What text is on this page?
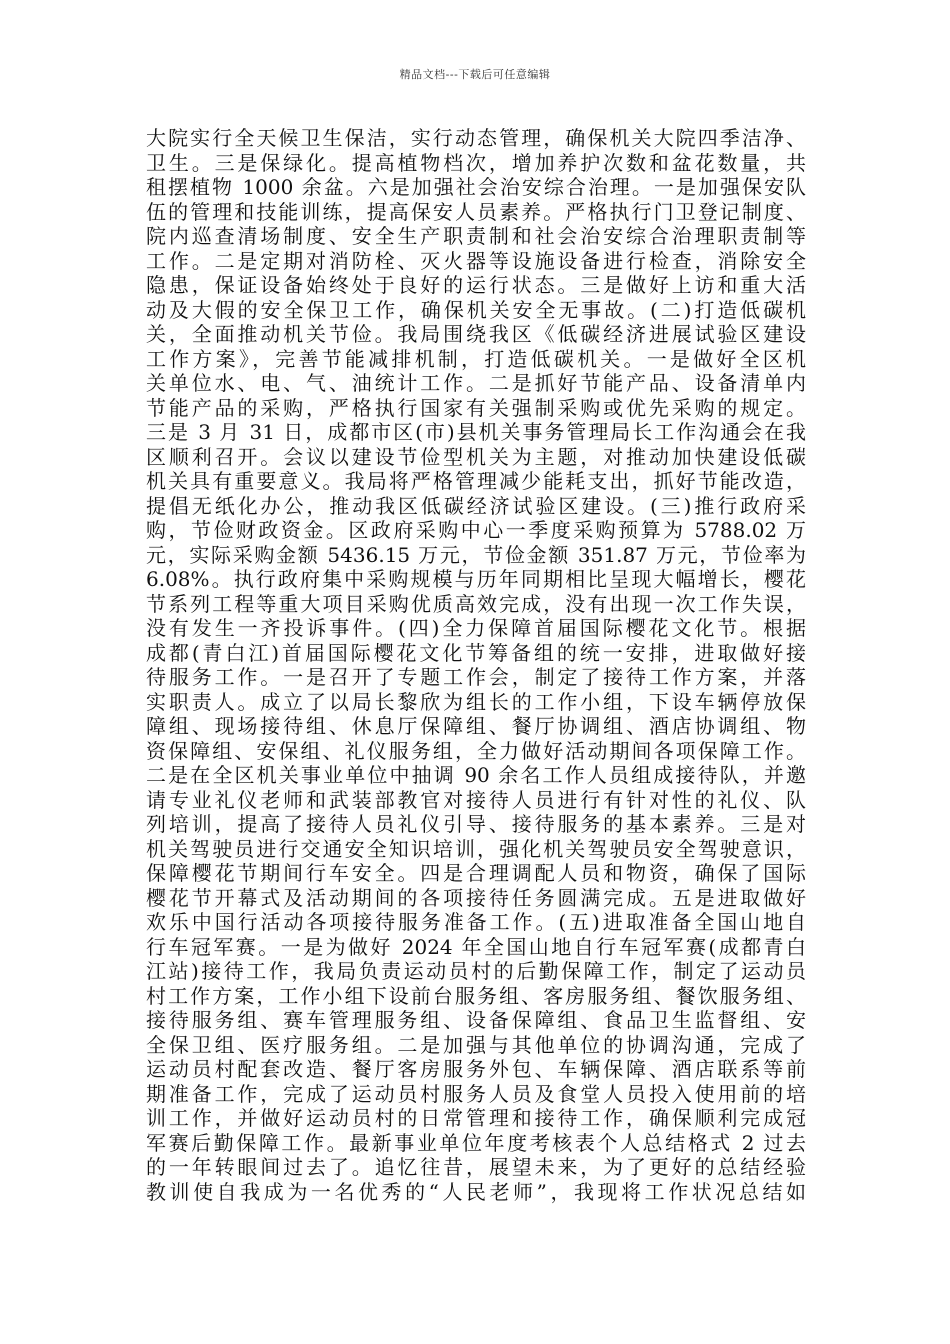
精品文档---下载后可任意编辑
大院实行全天候卫生保洁，实行动态管理，确保机关大院四季洁净、
卫生。三是保绿化。提高植物档次，增加养护次数和盆花数量，共
租摆植物 1000 余盆。六是加强社会治安综合治理。一是加强保安队
伍的管理和技能训练，提高保安人员素养。严格执行门卫登记制度、
院内巡查清场制度、安全生产职责制和社会治安综合治理职责制等
工作。二是定期对消防栓、灭火器等设施设备进行检查，消除安全
隐患，保证设备始终处于良好的运行状态。三是做好上访和重大活
动及大假的安全保卫工作，确保机关安全无事故。(二)打造低碳机
关，全面推动机关节俭。我局围绕我区《低碳经济进展试验区建设
工作方案》，完善节能减排机制，打造低碳机关。一是做好全区机
关单位水、电、气、油统计工作。二是抓好节能产品、设备清单内
节能产品的采购，严格执行国家有关强制采购或优先采购的规定。
三是 3 月 31 日，成都市区(市)县机关事务管理局长工作沟通会在我
区顺利召开。会议以建设节俭型机关为主题，对推动加快建设低碳
机关具有重要意义。我局将严格管理减少能耗支出，抓好节能改造，
提倡无纸化办公，推动我区低碳经济试验区建设。(三)推行政府采
购，节俭财政资金。区政府采购中心一季度采购预算为 5788.02 万
元，实际采购金额 5436.15 万元，节俭金额 351.87 万元，节俭率为
6.08%。执行政府集中采购规模与历年同期相比呈现大幅增长，樱花
节系列工程等重大项目采购优质高效完成，没有出现一次工作失误，
没有发生一齐投诉事件。(四)全力保障首届国际樱花文化节。根据
成都(青白江)首届国际樱花文化节筹备组的统一安排，进取做好接
待服务工作。一是召开了专题工作会，制定了接待工作方案，并落
实职责人。成立了以局长黎欣为组长的工作小组，下设车辆停放保
障组、现场接待组、休息厅保障组、餐厅协调组、酒店协调组、物
资保障组、安保组、礼仪服务组，全力做好活动期间各项保障工作。
二是在全区机关事业单位中抽调 90 余名工作人员组成接待队，并邀
请专业礼仪老师和武装部教官对接待人员进行有针对性的礼仪、队
列培训，提高了接待人员礼仪引导、接待服务的基本素养。三是对
机关驾驶员进行交通安全知识培训，强化机关驾驶员安全驾驶意识，
保障樱花节期间行车安全。四是合理调配人员和物资，确保了国际
樱花节开幕式及活动期间的各项接待任务圆满完成。五是进取做好
欢乐中国行活动各项接待服务准备工作。(五)进取准备全国山地自
行车冠军赛。一是为做好 2024 年全国山地自行车冠军赛(成都青白
江站)接待工作，我局负责运动员村的后勤保障工作，制定了运动员
村工作方案，工作小组下设前台服务组、客房服务组、餐饮服务组、
接待服务组、赛车管理服务组、设备保障组、食品卫生监督组、安
全保卫组、医疗服务组。二是加强与其他单位的协调沟通，完成了
运动员村配套改造、餐厅客房服务外包、车辆保障、酒店联系等前
期准备工作，完成了运动员村服务人员及食堂人员投入使用前的培
训工作，并做好运动员村的日常管理和接待工作，确保顺利完成冠
军赛后勤保障工作。最新事业单位年度考核表个人总结格式 2 过去
的一年转眼间过去了。追忆往昔，展望未来，为了更好的总结经验
教训使自我成为一名优秀的“人民老师”，我现将工作状况总结如
